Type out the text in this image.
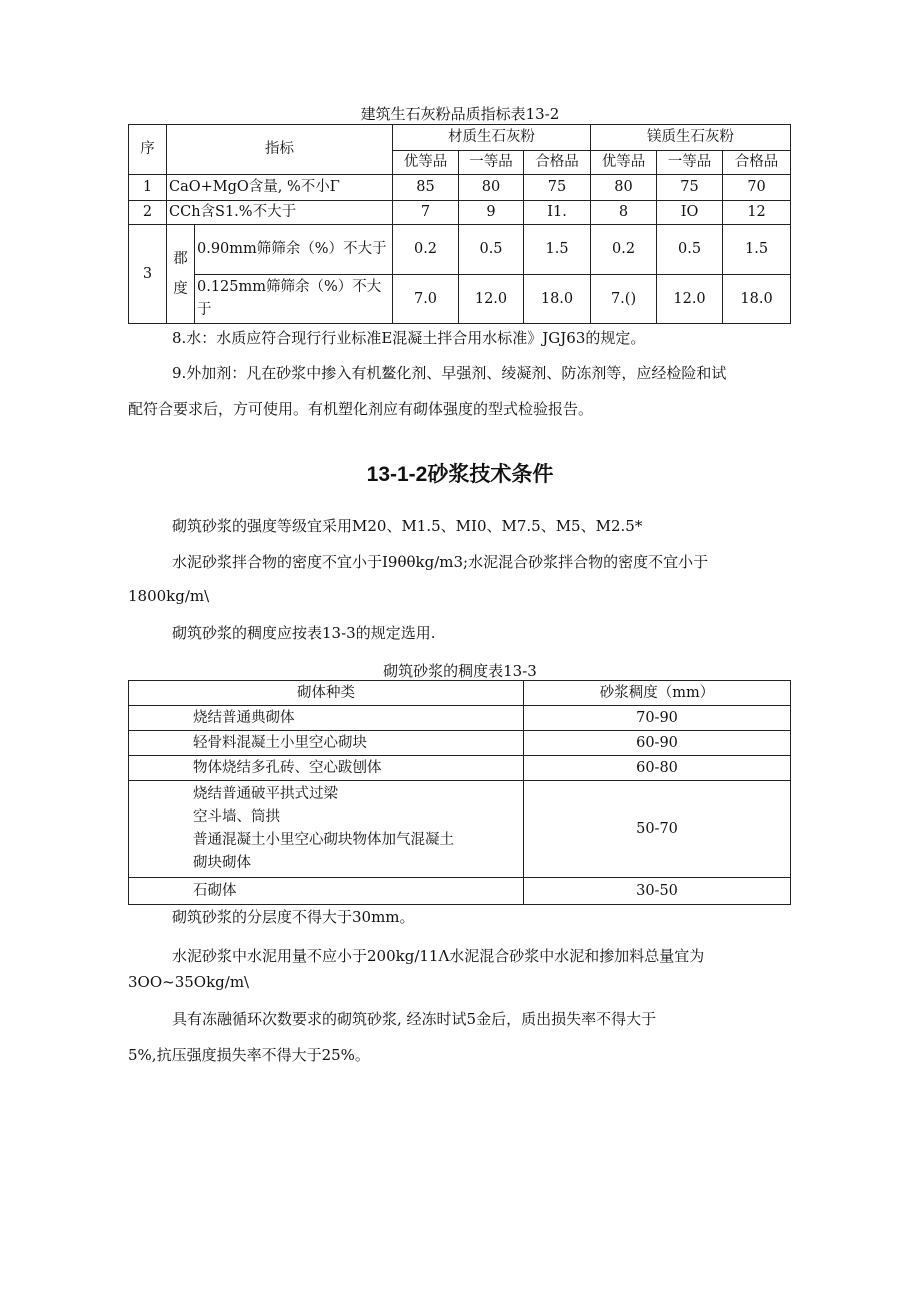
建筑生石灰粉品质指标表13-2
序	指标		材质生石灰粉			镁质生石灰粉		
			优等品	一等品	合格品	优等品	一等品	合格品
1	CaO+MgO含量, %不小Γ		85	80	75	80	75	70
2	CCh含S1.%不大于		7	9	I1.	8	IO	12
3	郡度	0.90mm筛筛余（%）不大于	0.2	0.5	1.5	0.2	0.5	1.5
		0.125mm筛筛余（%）不大于	7.0	12.0	18.0	7.()	12.0	18.0
8.水：水质应符合现行行业标准E混凝土拌合用水标准》JGJ63的规定。
9.外加剂：凡在砂浆中掺入有机鳌化剂、早强剂、绫凝剂、防冻剂等，应经检险和试
配符合要求后，方可使用。有机塑化剂应有砌体强度的型式检验报告。
13-1-2砂浆技术条件
砌筑砂浆的强度等级宜采用M20、M1.5、MI0、M7.5、M5、M2.5*
水泥砂浆拌合物的密度不宜小于I9θθkg∕m3;水泥混合砂浆拌合物的密度不宜小于
1800kg∕m\
砌筑砂浆的稠度应按表13-3的规定选用.
砌筑砂浆的稠度表13-3
砌体种类	砂浆稠度（mm）
烧结普通典砌体	70-90
轻骨料混凝土小里空心砌块	60-90
物体烧结多孔砖、空心跋刨体	60-80

烧结普通破平拱式过梁
空斗墙、筒拱
普通混凝土小里空心砌块物体加气混凝土
砌块砌体	50-70
石砌体	30-50
砌筑砂浆的分层度不得大于30mm。
水泥砂浆中水泥用量不应小于200kg∕11Λ水泥混合砂浆中水泥和掺加料总量宜为
3OO~35Okg∕m\
具有冻融循环次数要求的砌筑砂浆, 经冻时试5金后，质出损失率不得大于
5%,抗压强度损失率不得大于25%。
